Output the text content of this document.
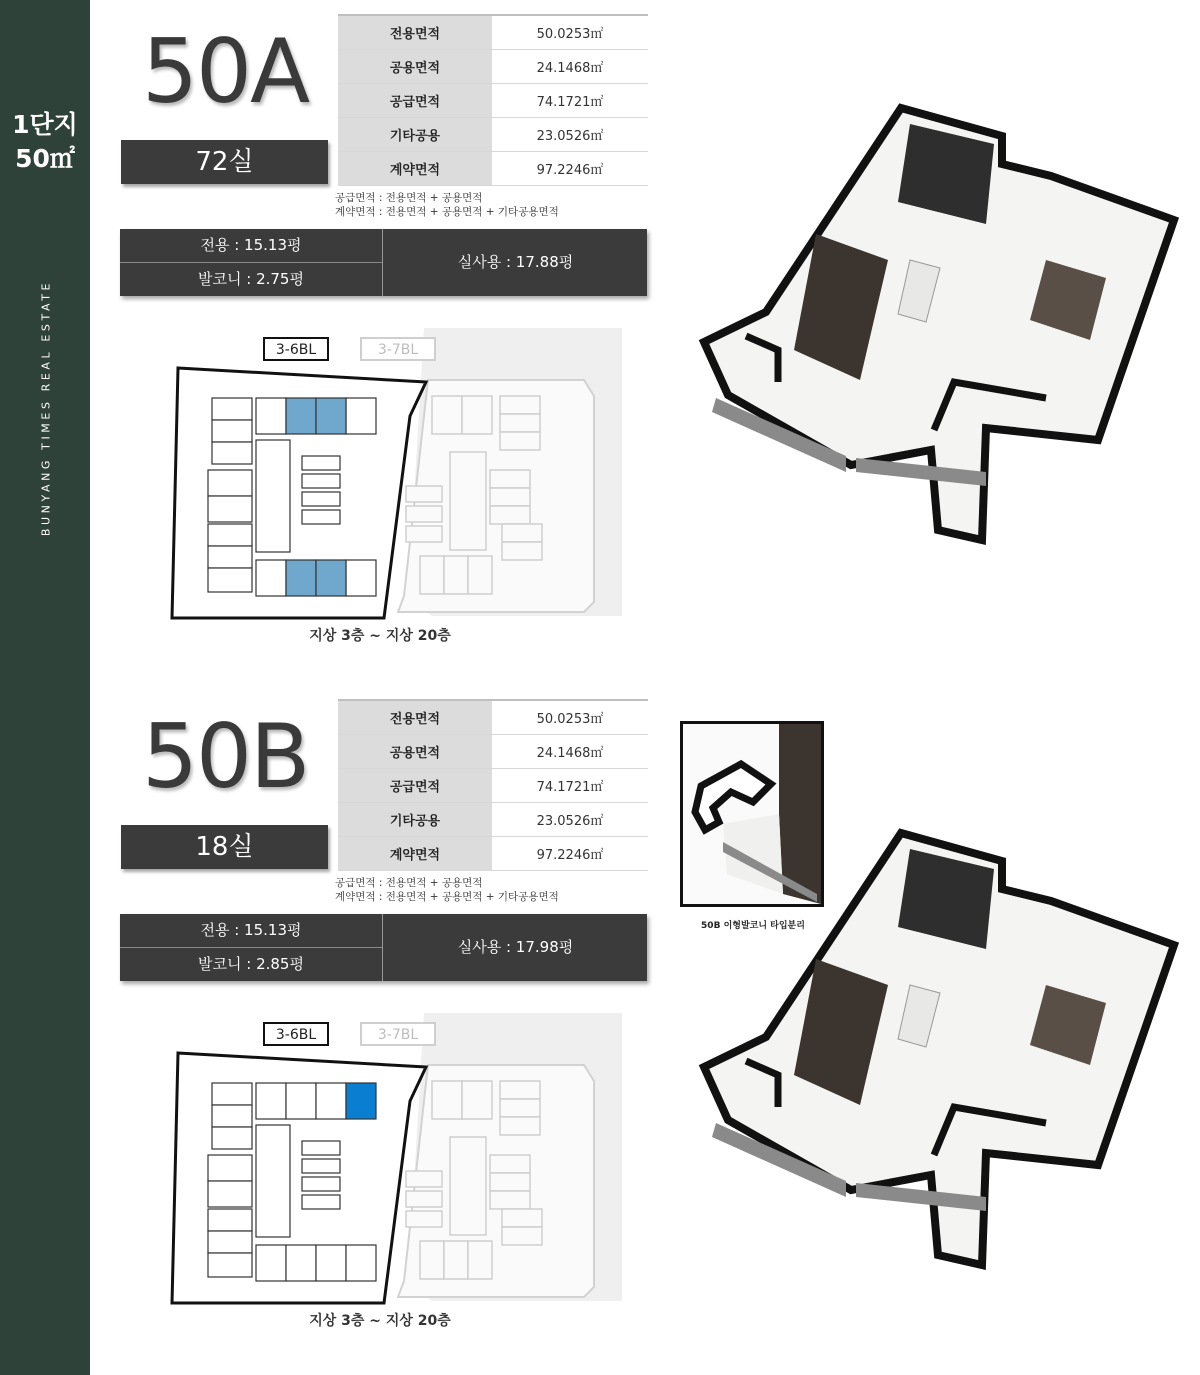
1단지
50㎡
BUNYANG TIMES REAL ESTATE
50A
72실
전용면적	50.0253㎡
공용면적	24.1468㎡
공급면적	74.1721㎡
기타공용	23.0526㎡
계약면적	97.2246㎡
공급면적 : 전용면적 + 공용면적
계약면적 : 전용면적 + 공용면적 + 기타공용면적
전용 : 15.13평
발코니 : 2.75평
실사용 : 17.88평
3-6BL	3-7BL
지상 3층 ~ 지상 20층
50B
18실
전용면적	50.0253㎡
공용면적	24.1468㎡
공급면적	74.1721㎡
기타공용	23.0526㎡
계약면적	97.2246㎡
공급면적 : 전용면적 + 공용면적
계약면적 : 전용면적 + 공용면적 + 기타공용면적
전용 : 15.13평
발코니 : 2.85평
실사용 : 17.98평
3-6BL	3-7BL
지상 3층 ~ 지상 20층
50B 이형발코니 타입분리
